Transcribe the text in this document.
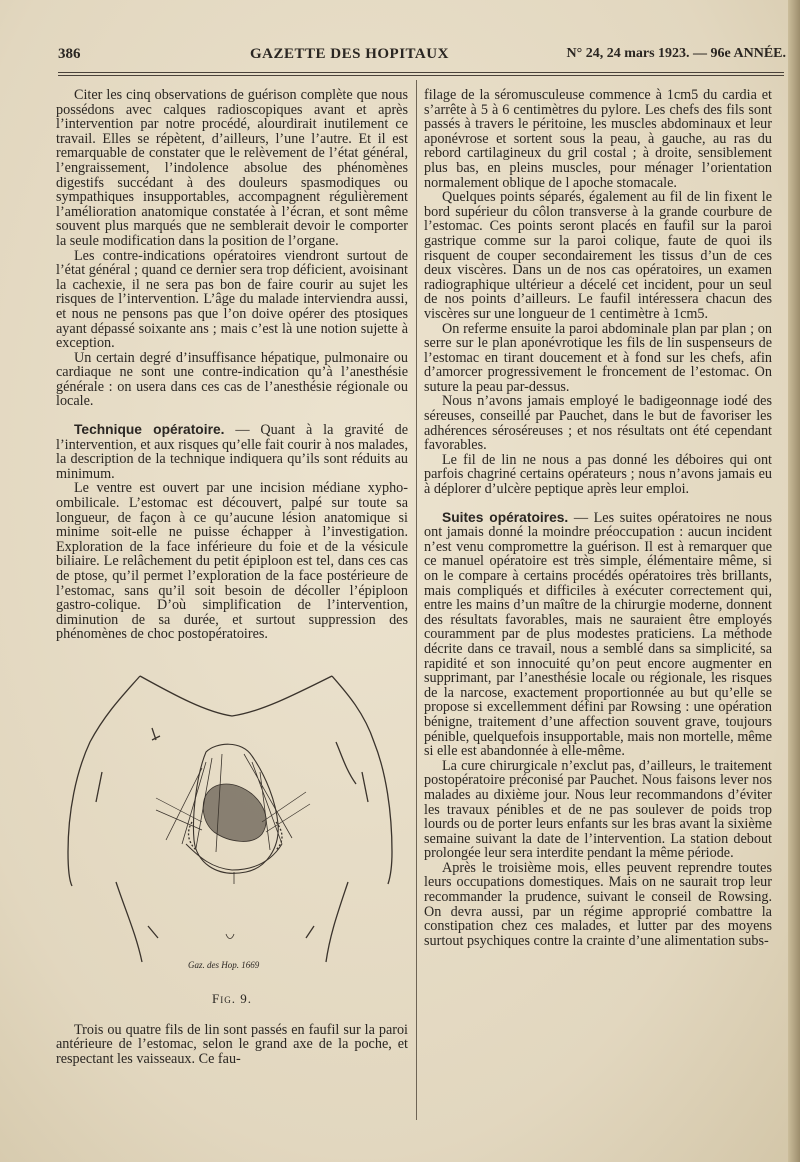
386	GAZETTE DES HOPITAUX	N° 24, 24 mars 1923. — 96e ANNÉE.

Citer les cinq observations de guérison complète que nous possédons avec calques radioscopiques avant et après l’intervention par notre procédé, alourdirait inutilement ce travail. Elles se répètent, d’ailleurs, l’une l’autre. Et il est remarquable de constater que le relèvement de l’état général, l’engraissement, l’indolence absolue des phénomènes digestifs succédant à des douleurs spasmodiques ou sympathiques insupportables, accompagnent régulièrement l’amélioration anatomique constatée à l’écran, et sont même souvent plus marqués que ne semblerait devoir le comporter la seule modification dans la position de l’organe.

Les contre-indications opératoires viendront surtout de l’état général ; quand ce dernier sera trop déficient, avoisinant la cachexie, il ne sera pas bon de faire courir au sujet les risques de l’intervention. L’âge du malade interviendra aussi, et nous ne pensons pas que l’on doive opérer des ptosiques ayant dépassé soixante ans ; mais c’est là une notion sujette à exception.

Un certain degré d’insuffisance hépatique, pulmonaire ou cardiaque ne sont une contre-indication qu’à l’anesthésie générale : on usera dans ces cas de l’anesthésie régionale ou locale.

Technique opératoire. — Quant à la gravité de l’intervention, et aux risques qu’elle fait courir à nos malades, la description de la technique indiquera qu’ils sont réduits au minimum.

Le ventre est ouvert par une incision médiane xypho-ombilicale. L’estomac est découvert, palpé sur toute sa longueur, de façon à ce qu’aucune lésion anatomique si minime soit-elle ne puisse échapper à l’investigation. Exploration de la face inférieure du foie et de la vésicule biliaire. Le relâchement du petit épiploon est tel, dans ces cas de ptose, qu’il permet l’exploration de la face postérieure de l’estomac, sans qu’il soit besoin de décoller l’épiploon gastro-colique. D’où simplification de l’intervention, diminution de sa durée, et surtout suppression des phénomènes de choc postopératoires.

Gaz. des Hop. 1669
Fig. 9.

Trois ou quatre fils de lin sont passés en faufil sur la paroi antérieure de l’estomac, selon le grand axe de la poche, et respectant les vaisseaux. Ce fau-

filage de la séromusculeuse commence à 1cm5 du cardia et s’arrête à 5 à 6 centimètres du pylore. Les chefs des fils sont passés à travers le péritoine, les muscles abdominaux et leur aponévrose et sortent sous la peau, à gauche, au ras du rebord cartilagineux du gril costal ; à droite, sensiblement plus bas, en pleins muscles, pour ménager l’orientation normalement oblique de l apoche stomacale.

Quelques points séparés, également au fil de lin fixent le bord supérieur du côlon transverse à la grande courbure de l’estomac. Ces points seront placés en faufil sur la paroi gastrique comme sur la paroi colique, faute de quoi ils risquent de couper secondairement les tissus d’un de ces deux viscères. Dans un de nos cas opératoires, un examen radiographique ultérieur a décelé cet incident, pour un seul de nos points d’ailleurs. Le faufil intéressera chacun des viscères sur une longueur de 1 centimètre à 1cm5.

On referme ensuite la paroi abdominale plan par plan ; on serre sur le plan aponévrotique les fils de lin suspenseurs de l’estomac en tirant doucement et à fond sur les chefs, afin d’amorcer progressivement le froncement de l’estomac. On suture la peau par-dessus.

Nous n’avons jamais employé le badigeonnage iodé des séreuses, conseillé par Pauchet, dans le but de favoriser les adhérences séroséreuses ; et nos résultats ont été cependant favorables.

Le fil de lin ne nous a pas donné les déboires qui ont parfois chagriné certains opérateurs ; nous n’avons jamais eu à déplorer d’ulcère peptique après leur emploi.

Suites opératoires. — Les suites opératoires ne nous ont jamais donné la moindre préoccupation : aucun incident n’est venu compromettre la guérison. Il est à remarquer que ce manuel opératoire est très simple, élémentaire même, si on le compare à certains procédés opératoires très brillants, mais compliqués et difficiles à exécuter correctement qui, entre les mains d’un maître de la chirurgie moderne, donnent des résultats favorables, mais ne sauraient être employés couramment par de plus modestes praticiens. La méthode décrite dans ce travail, nous a semblé dans sa simplicité, sa rapidité et son innocuité qu’on peut encore augmenter en supprimant, par l’anesthésie locale ou régionale, les risques de la narcose, exactement proportionnée au but qu’elle se propose si excellemment défini par Rowsing : une opération bénigne, traitement d’une affection souvent grave, toujours pénible, quelquefois insupportable, mais non mortelle, même si elle est abandonnée à elle-même.

La cure chirurgicale n’exclut pas, d’ailleurs, le traitement postopératoire préconisé par Pauchet. Nous faisons lever nos malades au dixième jour. Nous leur recommandons d’éviter les travaux pénibles et de ne pas soulever de poids trop lourds ou de porter leurs enfants sur les bras avant la sixième semaine suivant la date de l’intervention. La station debout prolongée leur sera interdite pendant la même période.

Après le troisième mois, elles peuvent reprendre toutes leurs occupations domestiques. Mais on ne saurait trop leur recommander la prudence, suivant le conseil de Rowsing. On devra aussi, par un régime approprié combattre la constipation chez ces malades, et lutter par des moyens surtout psychiques contre la crainte d’une alimentation subs-
